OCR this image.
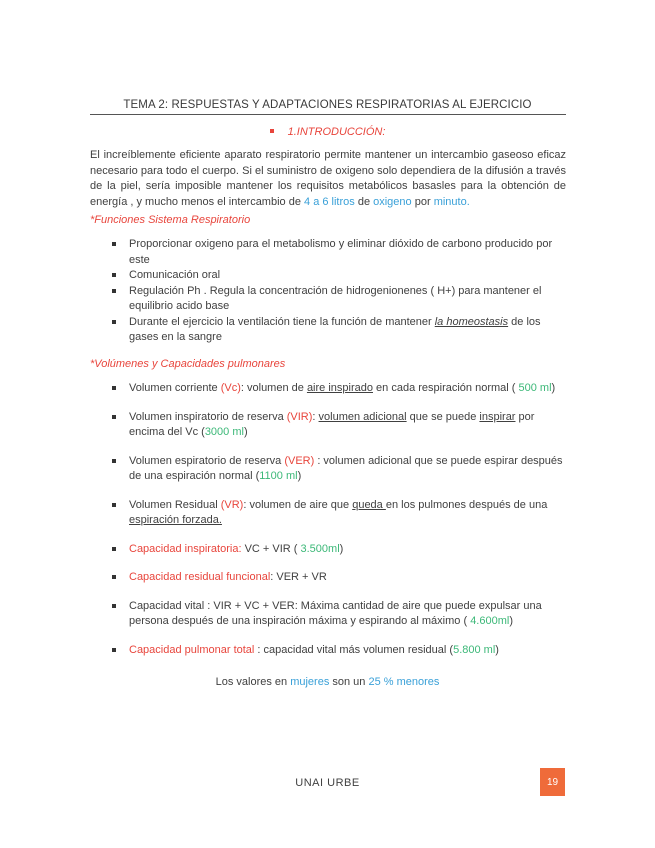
TEMA 2: RESPUESTAS Y ADAPTACIONES RESPIRATORIAS AL EJERCICIO
1.INTRODUCCIÓN:
El increíblemente eficiente aparato respiratorio permite mantener un intercambio gaseoso eficaz necesario para todo el cuerpo. Si el suministro de oxigeno solo dependiera de la difusión a través de la piel, sería imposible mantener los requisitos metabólicos basasles para la obtención de energía , y mucho menos el intercambio de 4 a 6 litros de oxigeno por minuto.
*Funciones Sistema Respiratorio
Proporcionar oxigeno para el metabolismo y eliminar dióxido de carbono producido por este
Comunicación oral
Regulación Ph . Regula la concentración de hidrogenionenes ( H+) para mantener el equilibrio acido base
Durante el ejercicio la ventilación tiene la función de mantener la homeostasis de los gases en la sangre
*Volúmenes y Capacidades pulmonares
Volumen corriente (Vc): volumen de aire inspirado en cada respiración normal ( 500 ml)
Volumen inspiratorio de reserva (VIR): volumen adicional que se puede inspirar por encima del Vc (3000 ml)
Volumen espiratorio de reserva (VER) : volumen adicional que se puede espirar después de una espiración normal (1100 ml)
Volumen Residual (VR): volumen de aire que queda en los pulmones después de una espiración forzada.
Capacidad inspiratoria: VC + VIR ( 3.500ml)
Capacidad residual funcional: VER + VR
Capacidad vital : VIR + VC + VER: Máxima cantidad de aire que puede expulsar una persona después de una inspiración máxima y espirando al máximo ( 4.600ml)
Capacidad pulmonar total : capacidad vital más volumen residual (5.800 ml)
Los valores en mujeres son un 25 % menores
UNAI URBE	19
